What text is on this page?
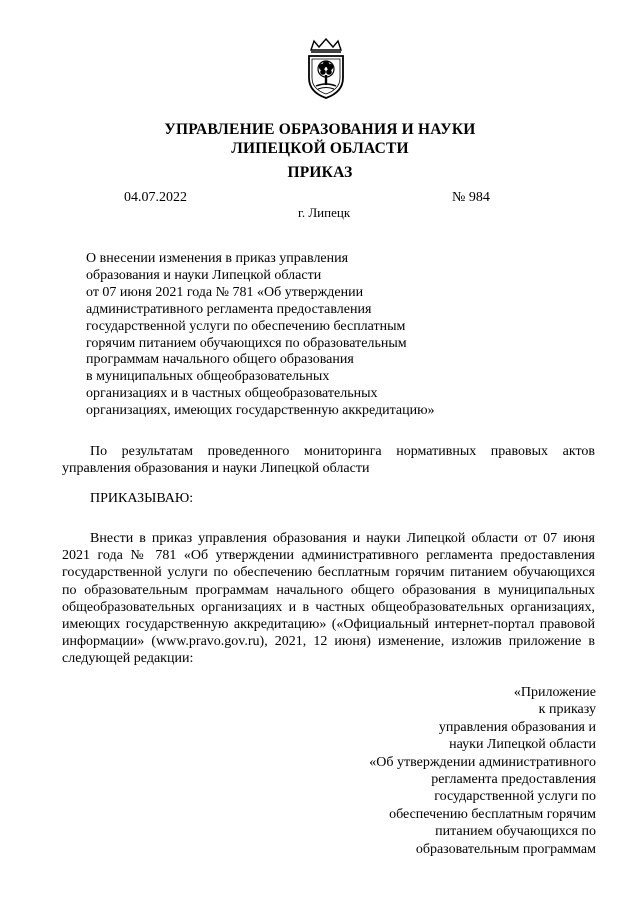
УПРАВЛЕНИЕ ОБРАЗОВАНИЯ И НАУКИ
ЛИПЕЦКОЙ ОБЛАСТИ
ПРИКАЗ
04.07.2022
г. Липецк
№ 984
О внесении изменения в приказ управления
образования и науки Липецкой области
от 07 июня 2021 года № 781 «Об утверждении
административного регламента предоставления
государственной услуги по обеспечению бесплатным
горячим питанием обучающихся по образовательным
программам начального общего образования
в муниципальных общеобразовательных
организациях и в частных общеобразовательных
организациях, имеющих государственную аккредитацию»
По результатам проведенного мониторинга нормативных правовых актов управления образования и науки Липецкой области
ПРИКАЗЫВАЮ:
Внести в приказ управления образования и науки Липецкой области от 07 июня 2021 года № 781 «Об утверждении административного регламента предоставления государственной услуги по обеспечению бесплатным горячим питанием обучающихся по образовательным программам начального общего образования в муниципальных общеобразовательных организациях и в частных общеобразовательных организациях, имеющих государственную аккредитацию» («Официальный интернет-портал правовой информации» (www.pravo.gov.ru), 2021, 12 июня) изменение, изложив приложение в следующей редакции:
«Приложение
к приказу
управления образования и
науки Липецкой области
«Об утверждении административного
регламента предоставления
государственной услуги по
обеспечению бесплатным горячим
питанием обучающихся по
образовательным программам
